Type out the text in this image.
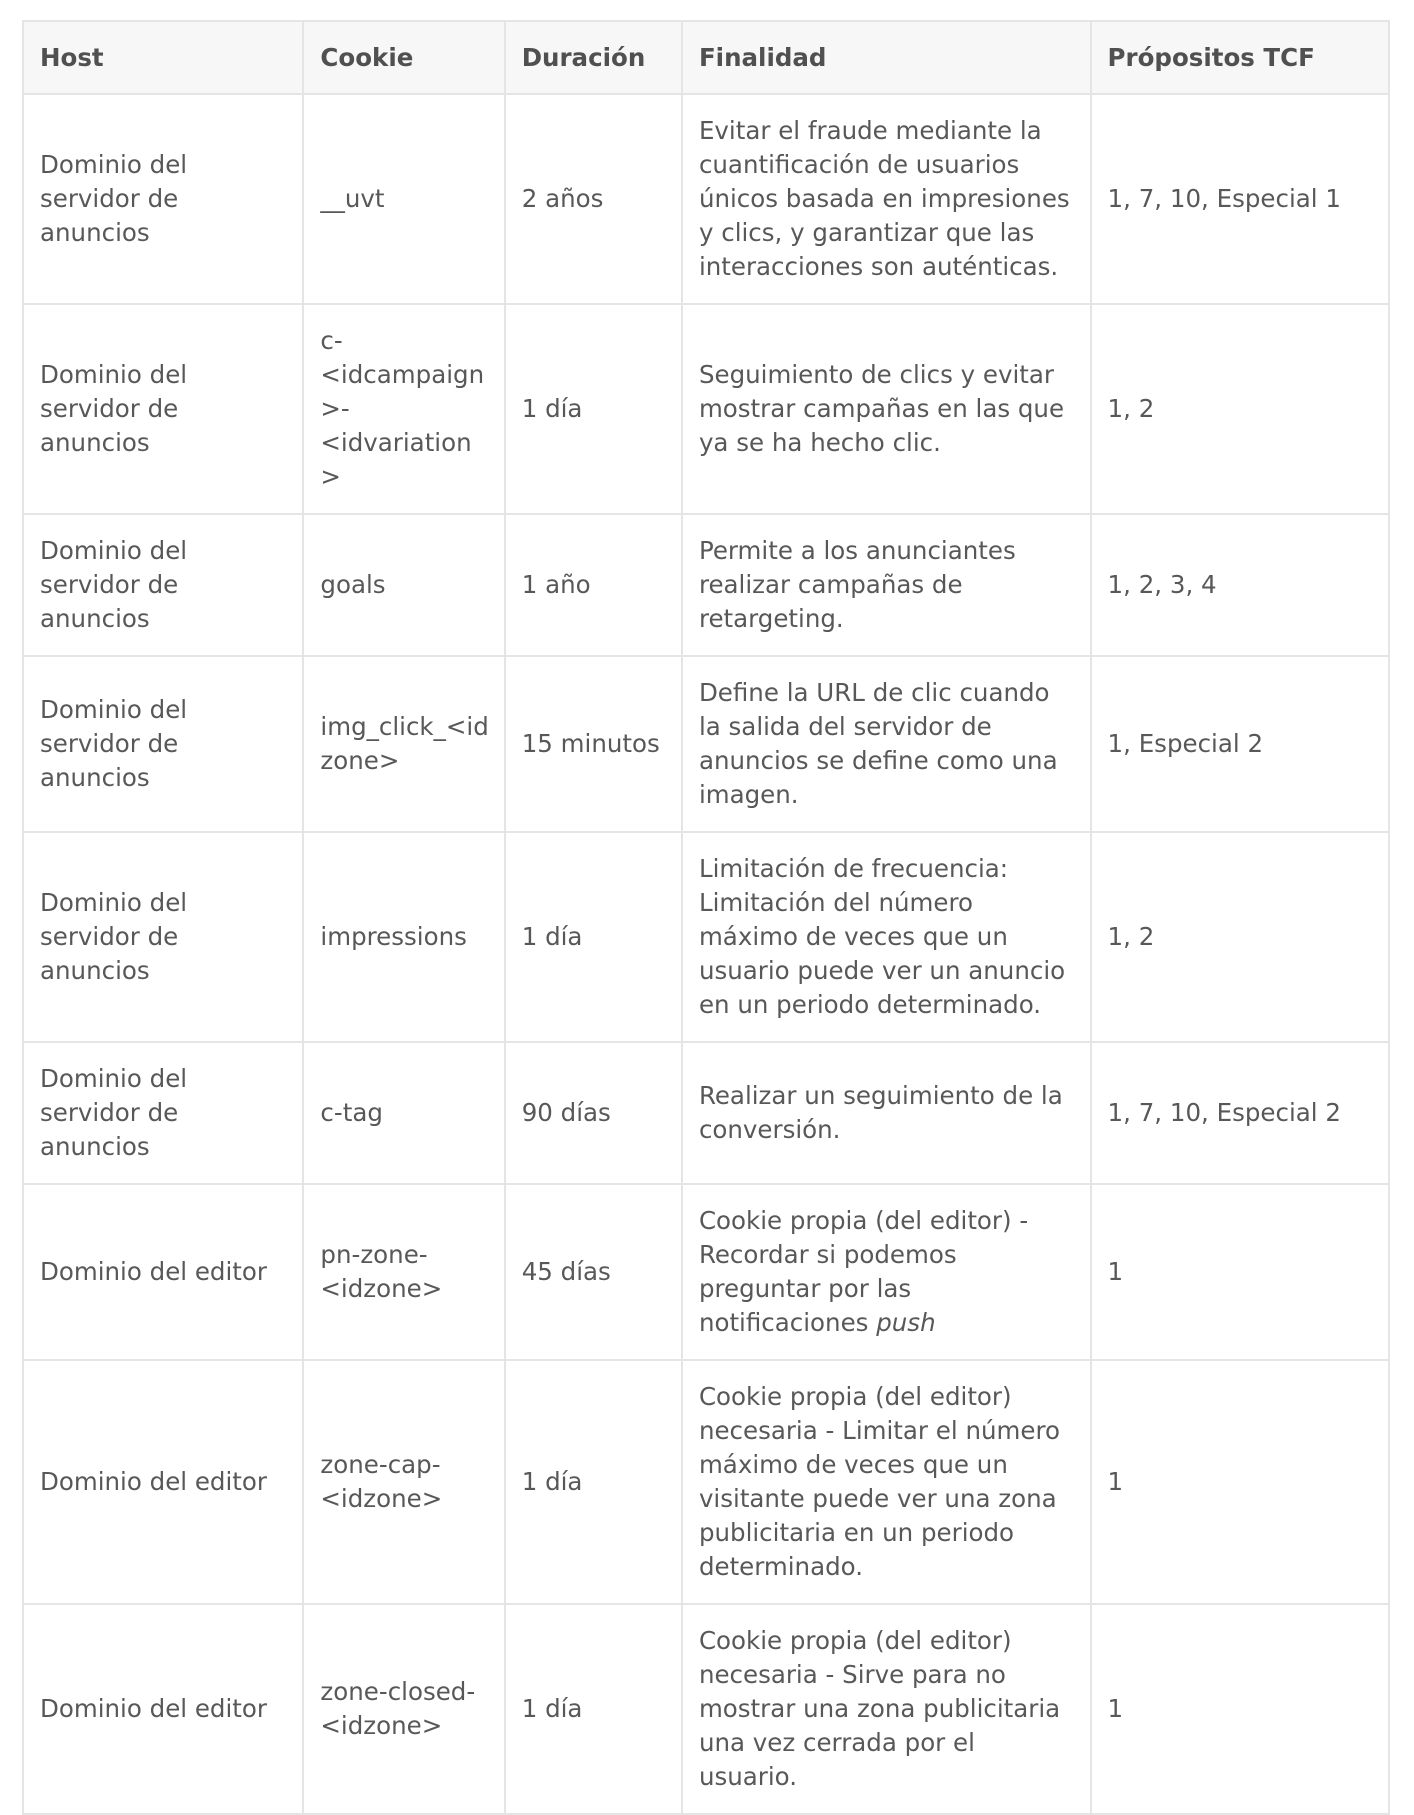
Host	Cookie	Duración	Finalidad	Própositos TCF
Dominio del servidor de anuncios	__uvt	2 años	Evitar el fraude mediante la cuantificación de usuarios únicos basada en impresiones y clics, y garantizar que las interacciones son auténticas.	1, 7, 10, Especial 1
Dominio del servidor de anuncios	c-<idcampaign>-<idvariation>	1 día	Seguimiento de clics y evitar mostrar campañas en las que ya se ha hecho clic.	1, 2
Dominio del servidor de anuncios	goals	1 año	Permite a los anunciantes realizar campañas de retargeting.	1, 2, 3, 4
Dominio del servidor de anuncios	img_click_<idzone>	15 minutos	Define la URL de clic cuando la salida del servidor de anuncios se define como una imagen.	1, Especial 2
Dominio del servidor de anuncios	impressions	1 día	Limitación de frecuencia: Limitación del número máximo de veces que un usuario puede ver un anuncio en un periodo determinado.	1, 2
Dominio del servidor de anuncios	c-tag	90 días	Realizar un seguimiento de la conversión.	1, 7, 10, Especial 2
Dominio del editor	pn-zone-<idzone>	45 días	Cookie propia (del editor) - Recordar si podemos preguntar por las notificaciones push	1
Dominio del editor	zone-cap-<idzone>	1 día	Cookie propia (del editor) necesaria - Limitar el número máximo de veces que un visitante puede ver una zona publicitaria en un periodo determinado.	1
Dominio del editor	zone-closed-<idzone>	1 día	Cookie propia (del editor) necesaria - Sirve para no mostrar una zona publicitaria una vez cerrada por el usuario.	1
